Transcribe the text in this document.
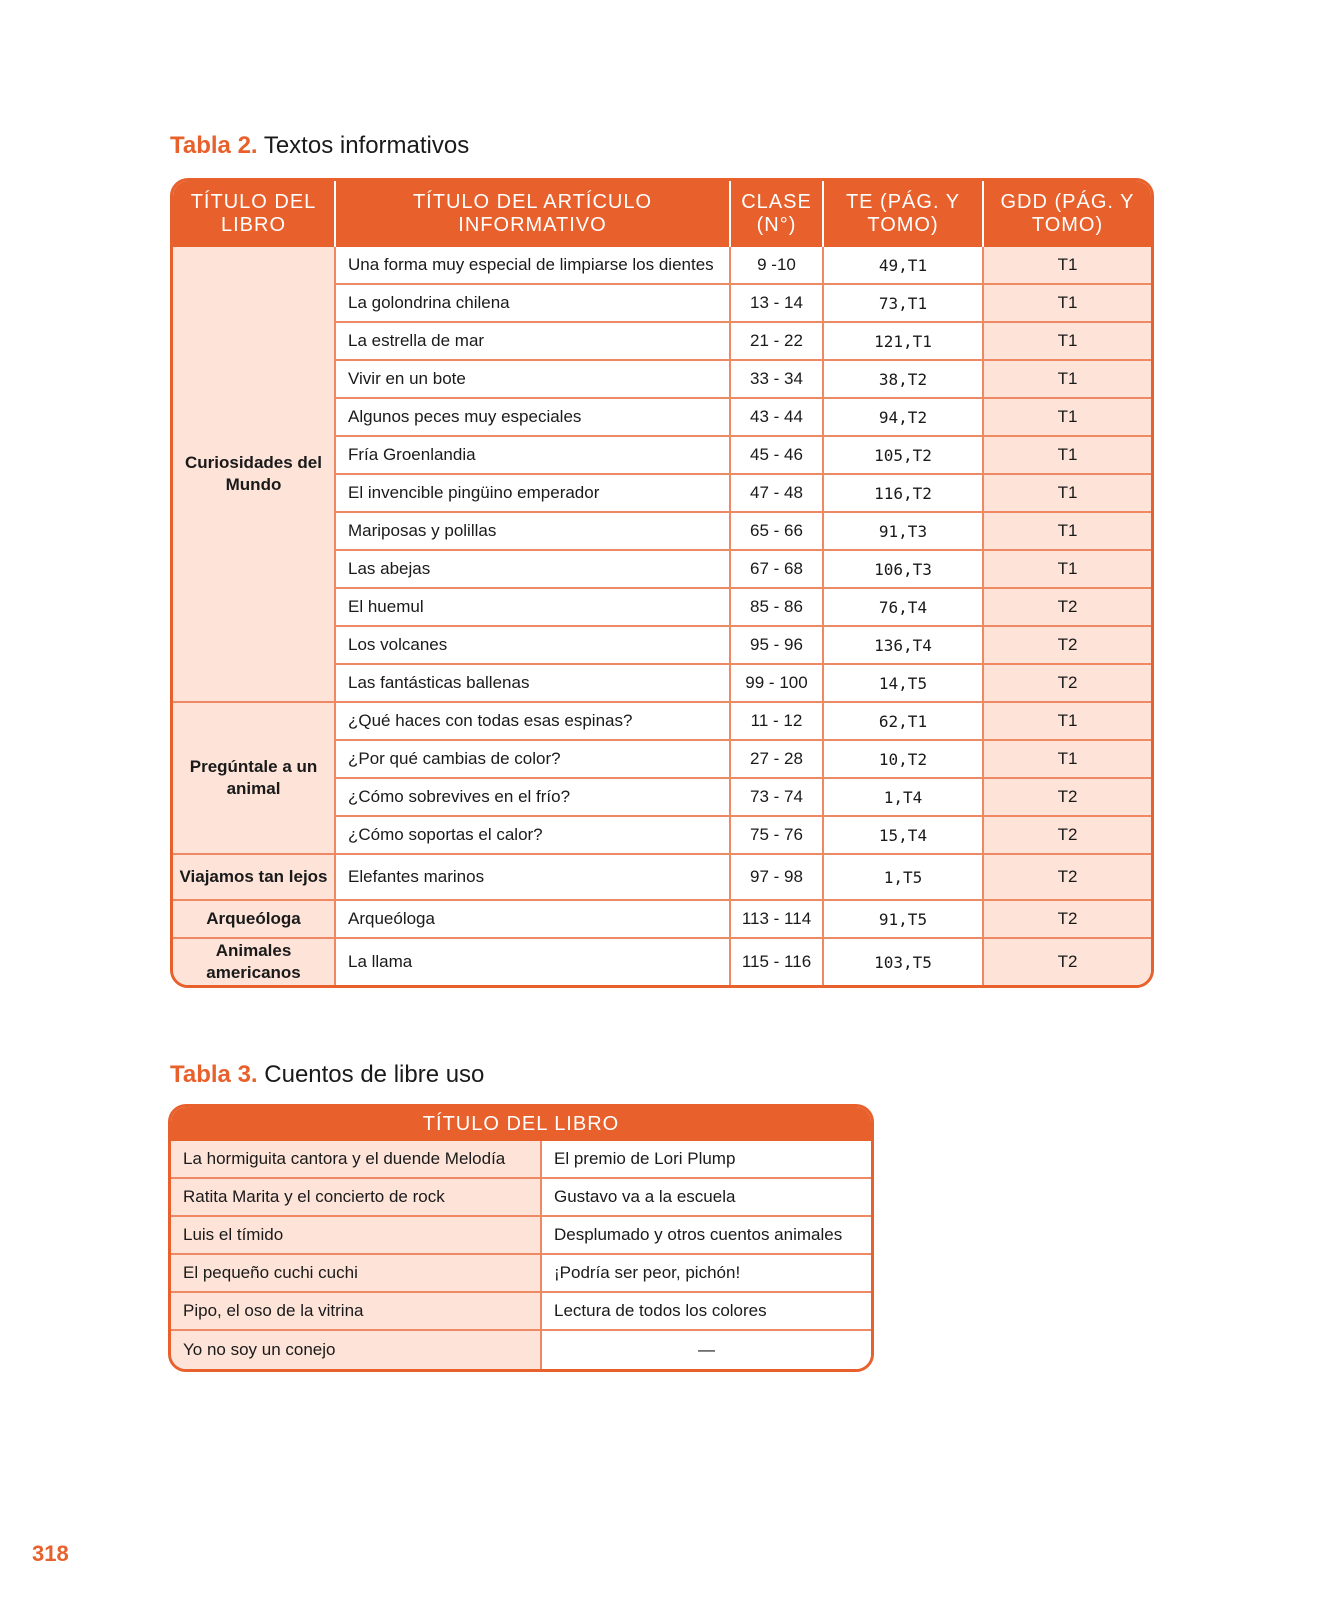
Tabla 2. Textos informativos
TÍTULO DEL LIBRO	TÍTULO DEL ARTÍCULO INFORMATIVO	CLASE (N°)	TE (PÁG. Y TOMO)	GDD (PÁG. Y TOMO)
Curiosidades del Mundo	Una forma muy especial de limpiarse los dientes	9 -10	49,T1	T1
	La golondrina chilena	13 - 14	73,T1	T1
	La estrella de mar	21 - 22	121,T1	T1
	Vivir en un bote	33 - 34	38,T2	T1
	Algunos peces muy especiales	43 - 44	94,T2	T1
	Fría Groenlandia	45 - 46	105,T2	T1
	El invencible pingüino emperador	47 - 48	116,T2	T1
	Mariposas y polillas	65 - 66	91,T3	T1
	Las abejas	67 - 68	106,T3	T1
	El huemul	85 - 86	76,T4	T2
	Los volcanes	95 - 96	136,T4	T2
	Las fantásticas ballenas	99 - 100	14,T5	T2
Pregúntale a un animal	¿Qué haces con todas esas espinas?	11 - 12	62,T1	T1
	¿Por qué cambias de color?	27 - 28	10,T2	T1
	¿Cómo sobrevives en el frío?	73 - 74	1,T4	T2
	¿Cómo soportas el calor?	75 - 76	15,T4	T2
Viajamos tan lejos	Elefantes marinos	97 - 98	1,T5	T2
Arqueóloga	Arqueóloga	113 - 114	91,T5	T2
Animales americanos	La llama	115 - 116	103,T5	T2
Tabla 3. Cuentos de libre uso
TÍTULO DEL LIBRO	
La hormiguita cantora y el duende Melodía	El premio de Lori Plump
Ratita Marita y el concierto de rock	Gustavo va a la escuela
Luis el tímido	Desplumado y otros cuentos animales
El pequeño cuchi cuchi	¡Podría ser peor, pichón!
Pipo, el oso de la vitrina	Lectura de todos los colores
Yo no soy un conejo	—
318
